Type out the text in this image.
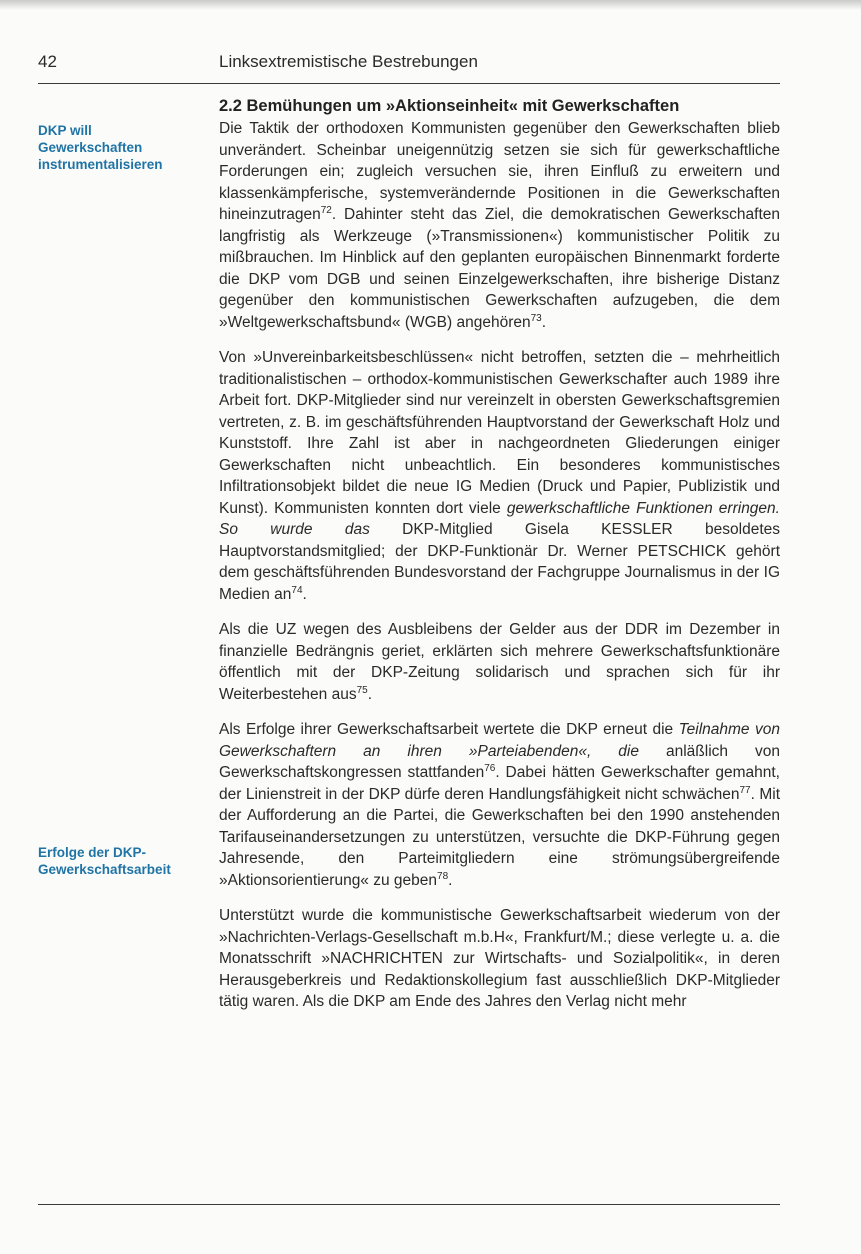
42	Linksextremistische Bestrebungen
DKP will Gewerkschaften instrumentalisieren
Erfolge der DKP-Gewerkschaftsarbeit
2.2 Bemühungen um »Aktionseinheit« mit Gewerkschaften

Die Taktik der orthodoxen Kommunisten gegenüber den Gewerkschaften blieb unverändert. Scheinbar uneigennützig setzen sie sich für gewerkschaftliche Forderungen ein; zugleich versuchen sie, ihren Einfluß zu erweitern und klassenkämpferische, systemverändernde Positionen in die Gewerkschaften hineinzutragen$^{72}$. Dahinter steht das Ziel, die demokratischen Gewerkschaften langfristig als Werkzeuge (»Transmissionen«) kommunistischer Politik zu mißbrauchen. Im Hinblick auf den geplanten europäischen Binnenmarkt forderte die DKP vom DGB und seinen Einzelgewerkschaften, ihre bisherige Distanz gegenüber den kommunistischen Gewerkschaften aufzugeben, die dem »Weltgewerkschaftsbund« (WGB) angehören$^{73}$.

Von »Unvereinbarkeitsbeschlüssen« nicht betroffen, setzten die – mehrheitlich traditionalistischen – orthodox-kommunistischen Gewerkschafter auch 1989 ihre Arbeit fort. DKP-Mitglieder sind nur vereinzelt in obersten Gewerkschaftsgremien vertreten, z. B. im geschäftsführenden Hauptvorstand der Gewerkschaft Holz und Kunststoff. Ihre Zahl ist aber in nachgeordneten Gliederungen einiger Gewerkschaften nicht unbeachtlich. Ein besonderes kommunistisches Infiltrationsobjekt bildet die neue IG Medien (Druck und Papier, Publizistik und Kunst). Kommunisten konnten dort viele gewerkschaftliche Funktionen erringen. So wurde das DKP-Mitglied Gisela KESSLER besoldetes Hauptvorstandsmitglied; der DKP-Funktionär Dr. Werner PETSCHICK gehört dem geschäftsführenden Bundesvorstand der Fachgruppe Journalismus in der IG Medien $an^{74}$.

Als die UZ wegen des Ausbleibens der Gelder aus der DDR im Dezember in finanzielle Bedrängnis geriet, erklärten sich mehrere Gewerkschaftsfunktionäre öffentlich mit der DKP-Zeitung solidarisch und sprachen sich für ihr Weiterbestehen aus$^{75}$.

Als Erfolge ihrer Gewerkschaftsarbeit wertete die DKP erneut die Teilnahme von Gewerkschaftern an ihren »Parteiabenden«, die anläßlich von Gewerkschaftskongressen stattfanden$^{76}$. Dabei hätten Gewerkschafter gemahnt, der Linienstreit in der DKP dürfe deren Handlungsfähigkeit nicht schwächen$^{77}$. Mit der Aufforderung an die Partei, die Gewerkschaften bei den 1990 anstehenden Tarifauseinandersetzungen zu unterstützen, versuchte die DKP-Führung gegen Jahresende, den Parteimitgliedern eine strömungsübergreifende »Aktionsorientierung« zu geben$^{78}$.

Unterstützt wurde die kommunistische Gewerkschaftsarbeit wiederum von der »Nachrichten-Verlags-Gesellschaft m.b.H«, Frankfurt/M.; diese verlegte u. a. die Monatsschrift »NACHRICHTEN zur Wirtschafts- und Sozialpolitik«, in deren Herausgeberkreis und Redaktionskollegium fast ausschließlich DKP-Mitglieder tätig waren. Als die DKP am Ende des Jahres den Verlag nicht mehr
